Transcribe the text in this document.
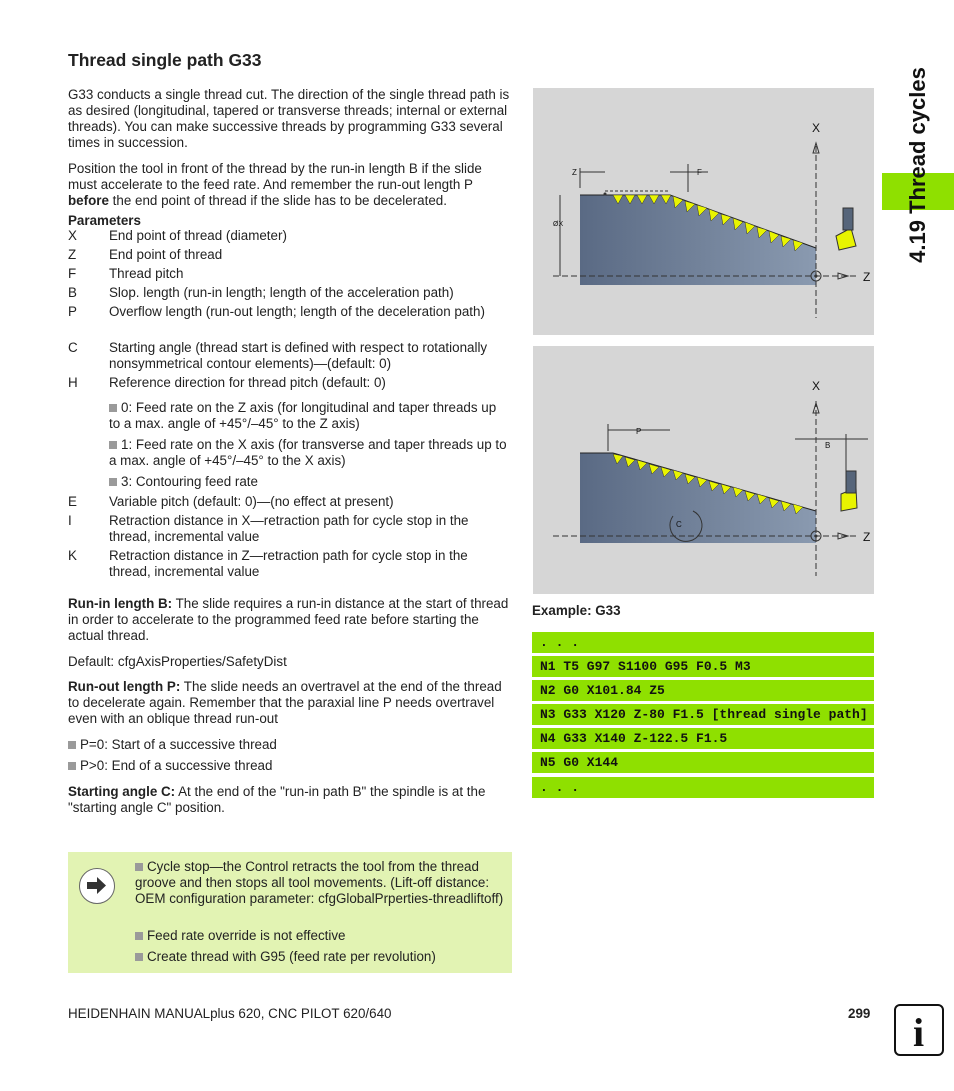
Thread single path G33
G33 conducts a single thread cut. The direction of the single thread path is as desired (longitudinal, tapered or transverse threads; internal or external threads). You can make successive threads by programming G33 several times in succession.
Position the tool in front of the thread by the run-in length B if the slide must accelerate to the feed rate. And remember the run-out length P before the end point of thread if the slide has to be decelerated.
Parameters
X	End point of thread (diameter)
Z	End point of thread
F	Thread pitch
B	Slop. length (run-in length; length of the acceleration path)
P	Overflow length (run-out length; length of the deceleration path)
C	Starting angle (thread start is defined with respect to rotationally nonsymmetrical contour elements)—(default: 0)
H	Reference direction for thread pitch (default: 0)
0: Feed rate on the Z axis (for longitudinal and taper threads up to a max. angle of +45°/–45° to the Z axis)
1: Feed rate on the X axis (for transverse and taper threads up to a max. angle of +45°/–45° to the X axis)
3: Contouring feed rate
E	Variable pitch (default: 0)—(no effect at present)
I	Retraction distance in X—retraction path for cycle stop in the thread, incremental value
K	Retraction distance in Z—retraction path for cycle stop in the thread, incremental value
Run-in length B: The slide requires a run-in distance at the start of thread in order to accelerate to the programmed feed rate before starting the actual thread.
Default: cfgAxisProperties/SafetyDist
Run-out length P: The slide needs an overtravel at the end of the thread to decelerate again. Remember that the paraxial line P needs overtravel even with an oblique thread run-out
P=0: Start of a successive thread
P>0: End of a successive thread
Starting angle C: At the end of the "run-in path B" the spindle is at the "starting angle C" position.
Cycle stop—the Control retracts the tool from the thread groove and then stops all tool movements. (Lift-off distance: OEM configuration parameter: cfgGlobalPrperties-threadliftoff)
Feed rate override is not effective
Create thread with G95 (feed rate per revolution)
X
Z
Z	F
ØX
X
Z
P
B
C
Example: G33
. . .
N1 T5 G97 S1100 G95 F0.5 M3
N2 G0 X101.84 Z5
N3 G33 X120 Z-80 F1.5 [thread single path]
N4 G33 X140 Z-122.5 F1.5
N5 G0 X144
. . .
4.19 Thread cycles
HEIDENHAIN MANUALplus 620, CNC PILOT 620/640	299 i
